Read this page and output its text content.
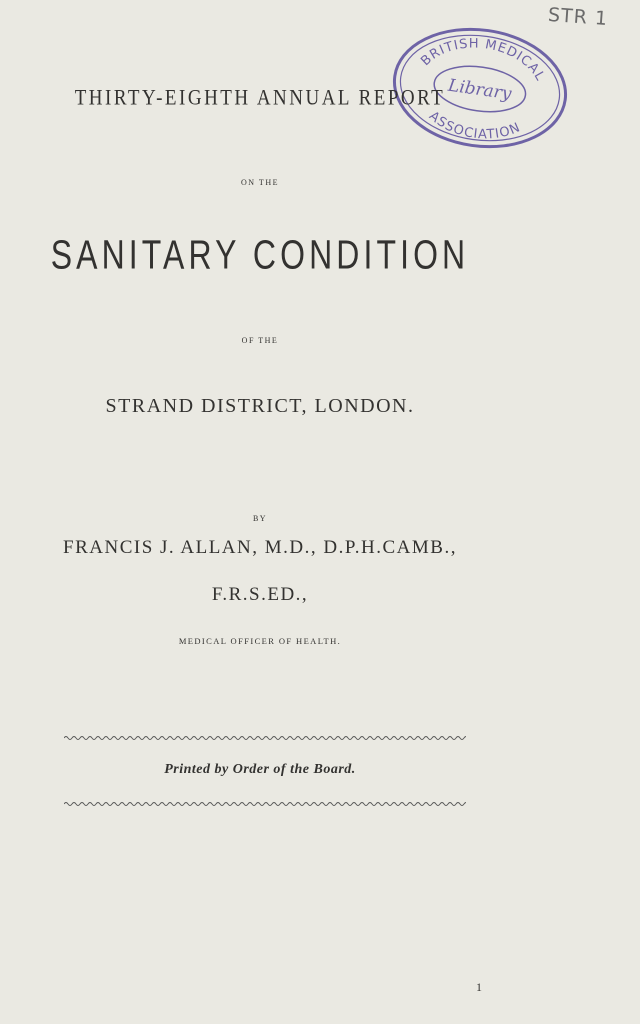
STR 1
BRITISH MEDICAL
Library
ASSOCIATION
THIRTY-EIGHTH ANNUAL REPORT
ON THE
SANITARY CONDITION
OF THE
STRAND DISTRICT, LONDON.
BY
FRANCIS J. ALLAN, M.D., D.P.H.CAMB.,
F.R.S.ED.,
MEDICAL OFFICER OF HEALTH.
Printed by Order of the Board.
1
